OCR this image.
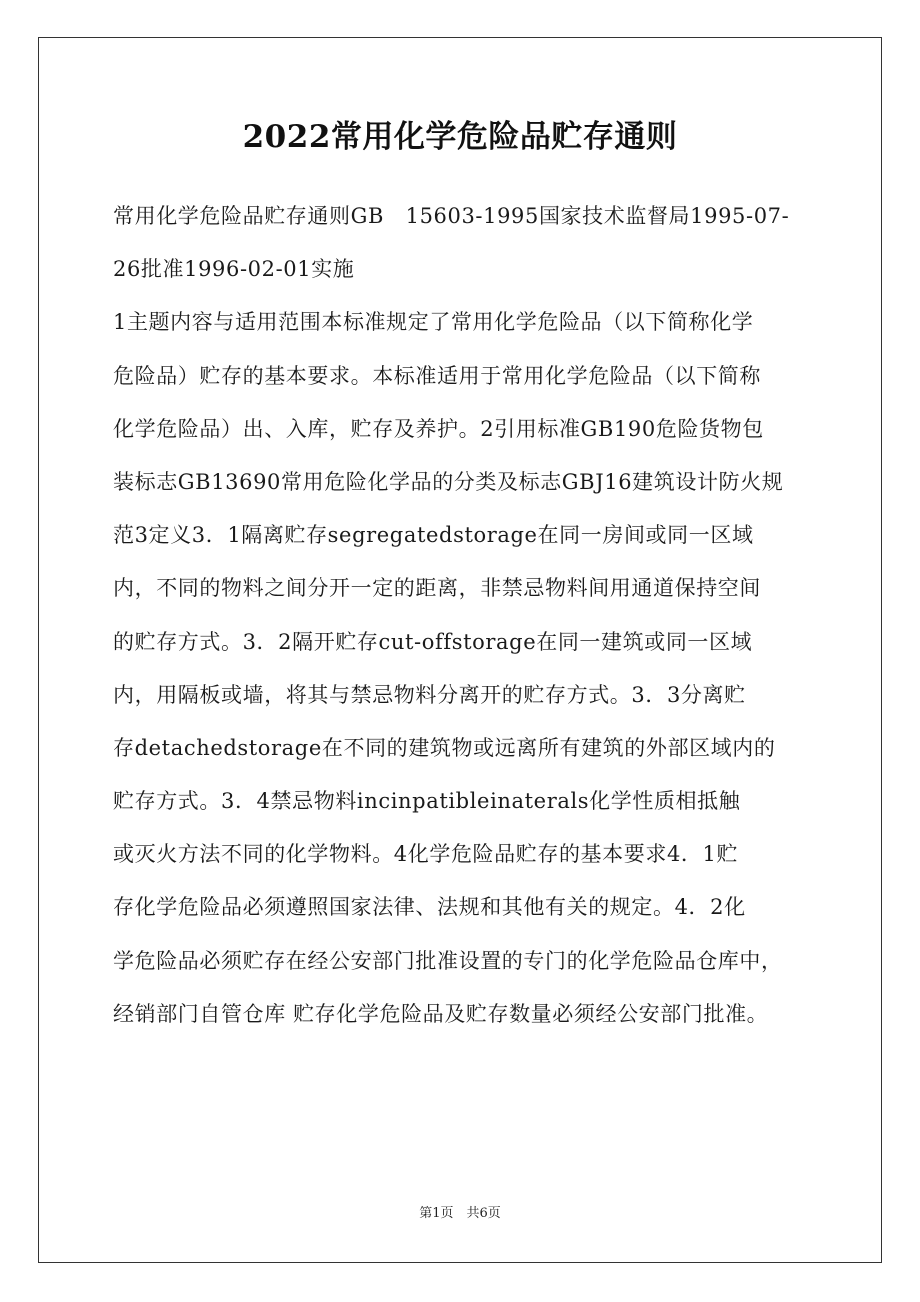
2022常用化学危险品贮存通则
常用化学危险品贮存通则GB　15603-1995国家技术监督局1995-07-
26批准1996-02-01实施
1主题内容与适用范围本标准规定了常用化学危险品（以下简称化学
危险品）贮存的基本要求。本标准适用于常用化学危险品（以下简称
化学危险品）出、入库，贮存及养护。2引用标准GB190危险货物包
装标志GB13690常用危险化学品的分类及标志GBJ16建筑设计防火规
范3定义3．1隔离贮存segregatedstorage在同一房间或同一区域
内，不同的物料之间分开一定的距离，非禁忌物料间用通道保持空间
的贮存方式。3．2隔开贮存cut-offstorage在同一建筑或同一区域
内，用隔板或墙，将其与禁忌物料分离开的贮存方式。3．3分离贮
存detachedstorage在不同的建筑物或远离所有建筑的外部区域内的
贮存方式。3．4禁忌物料incinpatibleinaterals化学性质相抵触
或灭火方法不同的化学物料。4化学危险品贮存的基本要求4．1贮
存化学危险品必须遵照国家法律、法规和其他有关的规定。4．2化
学危险品必须贮存在经公安部门批准设置的专门的化学危险品仓库中，
经销部门自管仓库 贮存化学危险品及贮存数量必须经公安部门批准。
第1页　共6页
